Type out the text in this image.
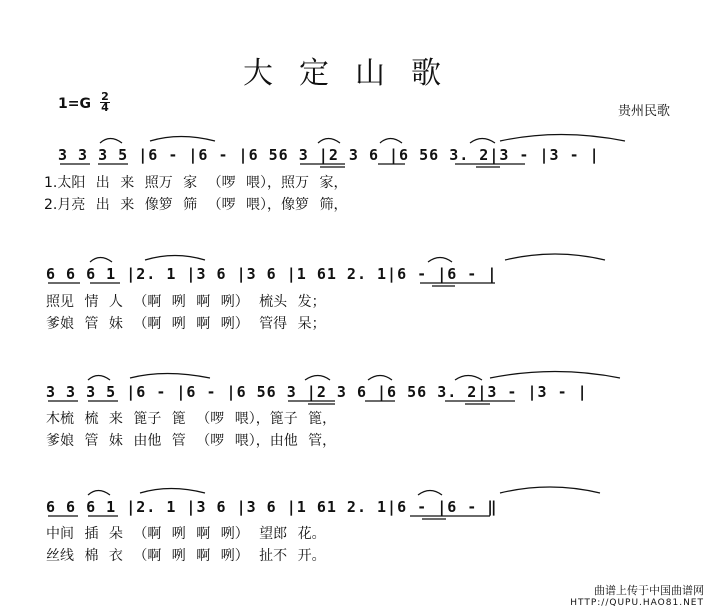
大定山歌
$1=G \frac{2}{4}$	贵州民歌
3 3 3 5 |6 - |6 - |6 56 3 |2 3 6 |6 56 3. 2|3 - |3 - |
1.太阳 出 来 照万 家 （啰 喂），照万 家，
2.月亮 出 来 像箩 筛 （啰 喂），像箩 筛，
6 6 6 1 |2. 1 |3 6 |3 6 |1 61 2. 1|6 - |6 - |
照见 情 人 （啊 咧 啊 咧） 梳头 发；
爹娘 管 妹 （啊 咧 啊 咧） 管得 呆；
3 3 3 5 |6 - |6 - |6 56 3 |2 3 6 |6 56 3. 2|3 - |3 - |
木梳 梳 来 篦子 篦 （啰 喂），篦子 篦，
爹娘 管 妹 由他 管 （啰 喂），由他 管，
6 6 6 1 |2. 1 |3 6 |3 6 |1 61 2. 1|6 - |6 - ‖
中间 插 朵 （啊 咧 啊 咧） 望郎 花。
丝线 棉 衣 （啊 咧 啊 咧） 扯不 开。
曲谱上传于中国曲谱网
HTTP://QUPU.HAO81.NET
